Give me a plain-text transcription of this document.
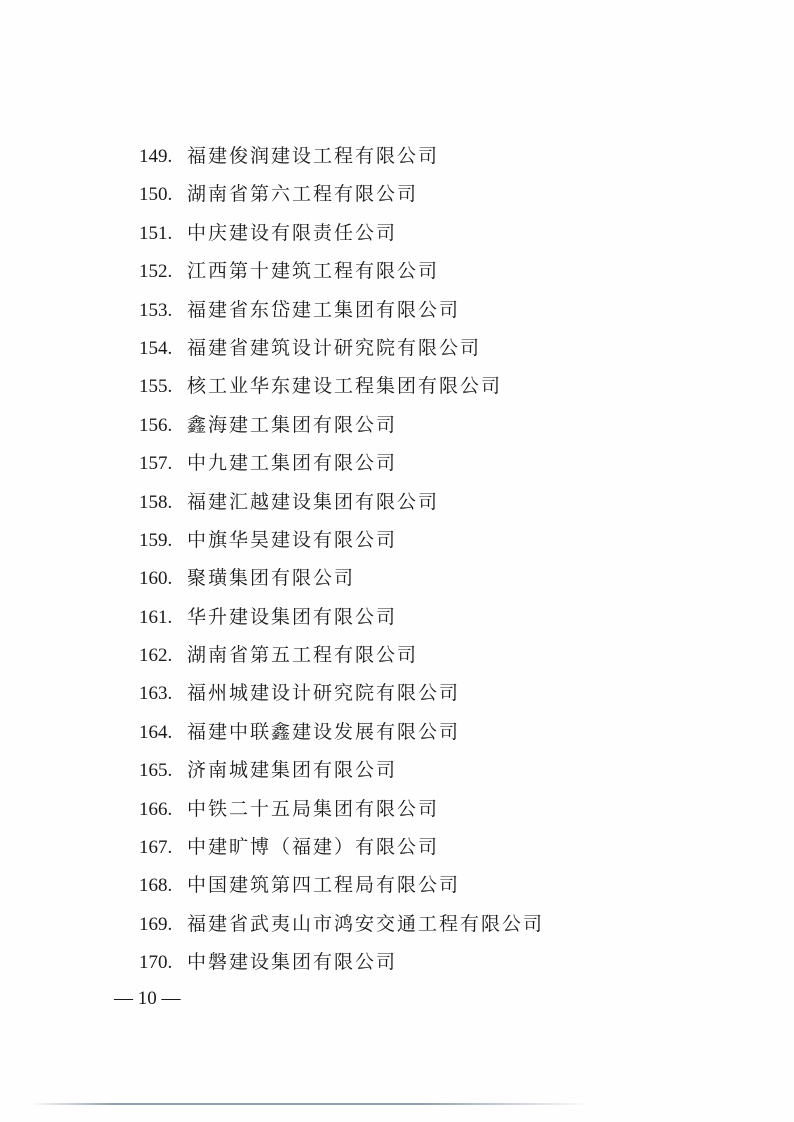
149. 福建俊润建设工程有限公司
150. 湖南省第六工程有限公司
151. 中庆建设有限责任公司
152. 江西第十建筑工程有限公司
153. 福建省东岱建工集团有限公司
154. 福建省建筑设计研究院有限公司
155. 核工业华东建设工程集团有限公司
156. 鑫海建工集团有限公司
157. 中九建工集团有限公司
158. 福建汇越建设集团有限公司
159. 中旗华昊建设有限公司
160. 聚璜集团有限公司
161. 华升建设集团有限公司
162. 湖南省第五工程有限公司
163. 福州城建设计研究院有限公司
164. 福建中联鑫建设发展有限公司
165. 济南城建集团有限公司
166. 中铁二十五局集团有限公司
167. 中建旷博（福建）有限公司
168. 中国建筑第四工程局有限公司
169. 福建省武夷山市鸿安交通工程有限公司
170. 中磐建设集团有限公司
— 10 —
